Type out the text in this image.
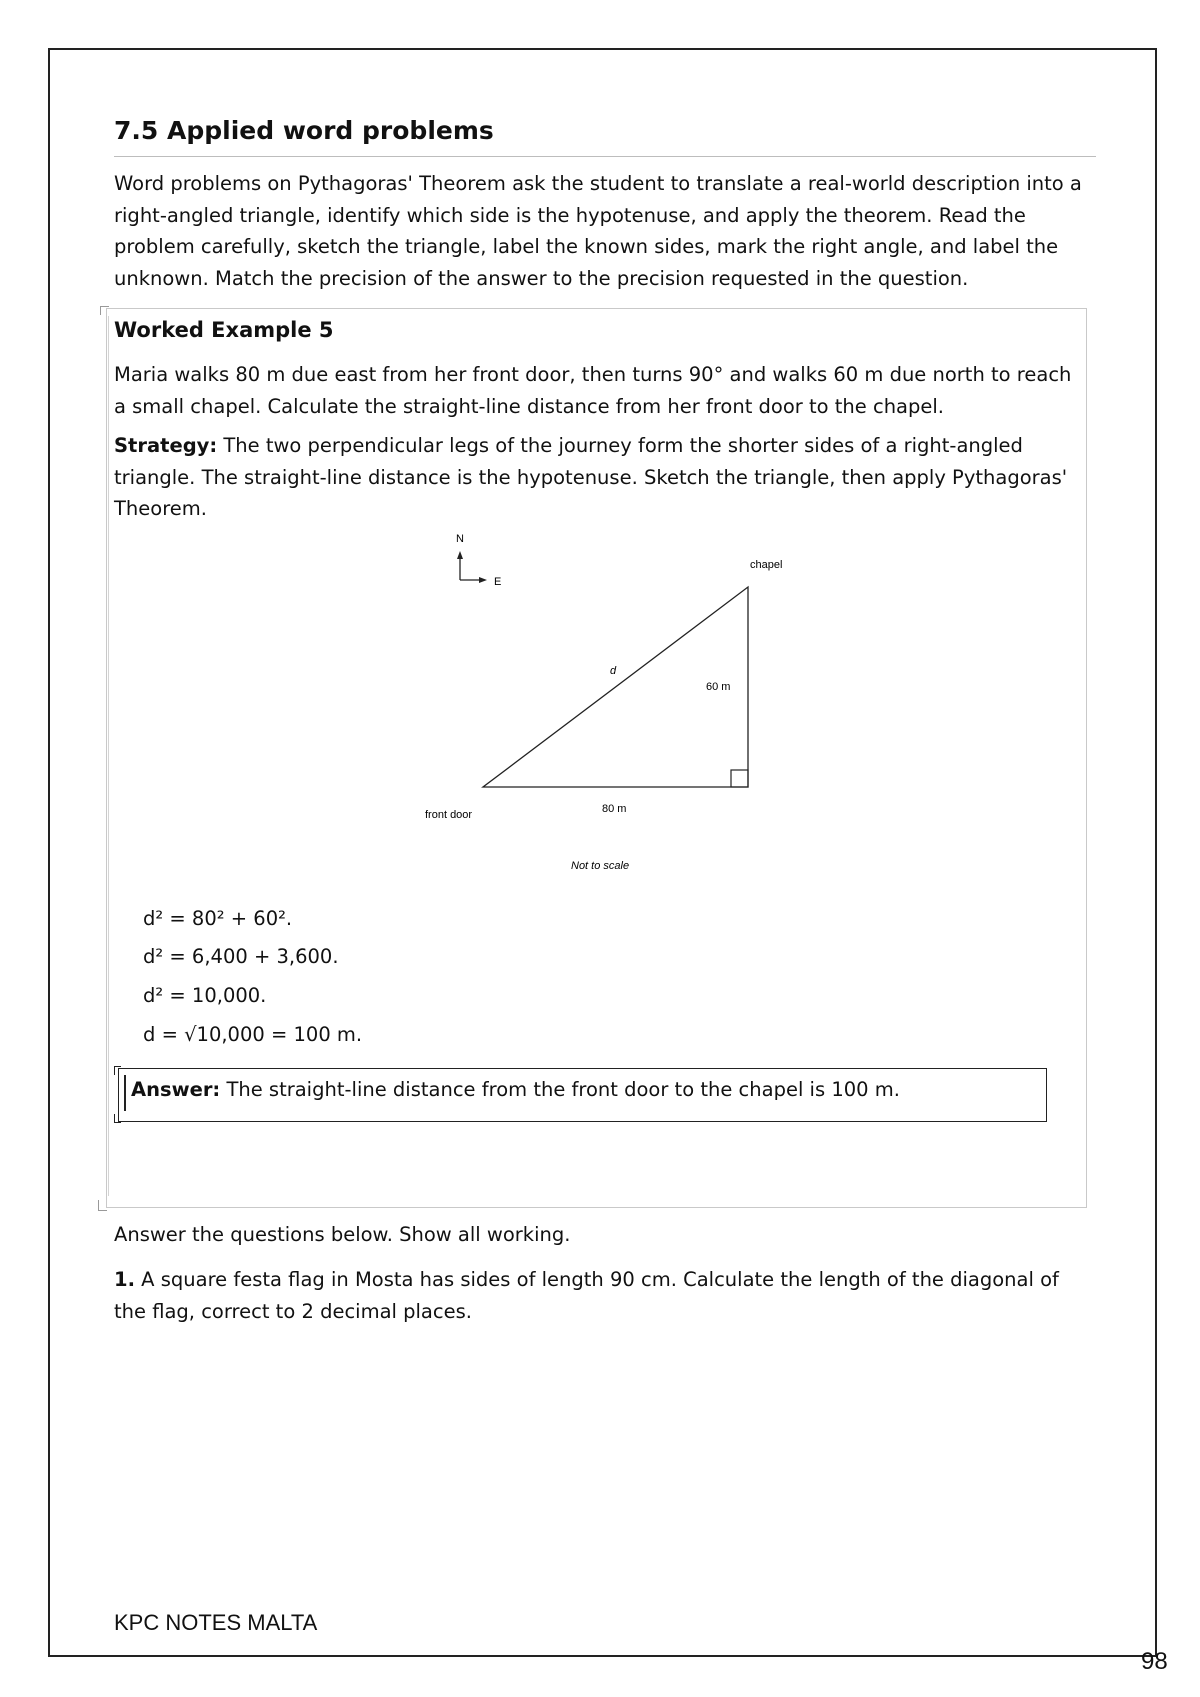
7.5 Applied word problems

Word problems on Pythagoras' Theorem ask the student to translate a real-world description into a right-angled triangle, identify which side is the hypotenuse, and apply the theorem. Read the problem carefully, sketch the triangle, label the known sides, mark the right angle, and label the unknown. Match the precision of the answer to the precision requested in the question.

Worked Example 5

Maria walks 80 m due east from her front door, then turns 90° and walks 60 m due north to reach a small chapel. Calculate the straight-line distance from her front door to the chapel.

Strategy: The two perpendicular legs of the journey form the shorter sides of a right-angled triangle. The straight-line distance is the hypotenuse. Sketch the triangle, then apply Pythagoras' Theorem.

N
E
chapel
d
60 m
80 m
front door
Not to scale

d² = 80² + 60².

d² = 6,400 + 3,600.

d² = 10,000.

d = √10,000 = 100 m.

Answer: The straight-line distance from the front door to the chapel is 100 m.

Answer the questions below. Show all working.

1. A square festa flag in Mosta has sides of length 90 cm. Calculate the length of the diagonal of the flag, correct to 2 decimal places.

KPC NOTES MALTA

98
